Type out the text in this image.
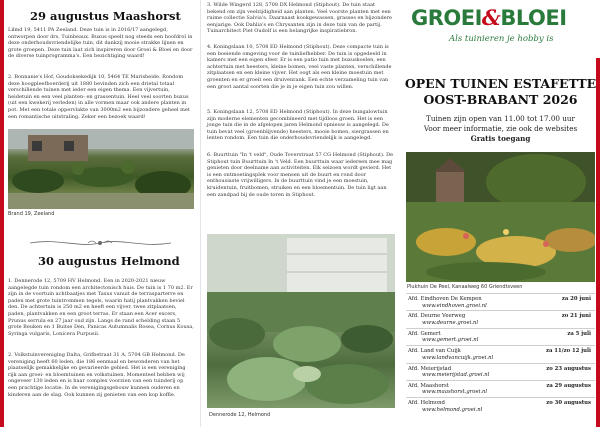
29 augustus Maashorst

Lilmd 19, 5411 PA Zeeland. Deze tuin is in 2016/17 aangelegd, ontworpen door drs. Tuinbeaux. Buxus speelt nog steeds een hoofdrol in deze onderhoudsvriendelijke tuin, dit dankzij mooie strakke lijnen en grote groepen. Deze tuin laat zich inspireren door Groei & Bloei en door de diverse tuinprogramma's. Een bezichtiging waard!

2. Bonnanie's Hof, Goudoksekedijk 10, 5464 TE Marisheide. Rondom deze hoogpleefboerderij uit 1880 bevinden zich een drietal totaal verschillende tuinen met ieder een eigen thema. Een vijvertuin, heidetuin en een veel planten- en grassentuin. Heel veel soorten buxus (uit een kwekerij verleden) in alle vormen maar ook andere planten in pot. Met een totale oppervlakte van 3000m2 een bijzondere geheel met een romantische uitstraling. Zeker een bezoek waard!

Brand 19, Zeeland
30 augustus Helmond

1. Dennerode 12, 5709 HV Helmond. Een in 2020-2021 nieuw aangelegde tuin rondom een architectonisch huis. De tuin is 1 70 m2. Er zijn in de voortuin achtbaatjes met Taxus vanuit de terrasparterre en paden met grote tuintrommen tegels, waarin hatij plantvakken beviel den. De achtertuin is 250 m2 en heeft een vijver, twee zitplaatsen, paden, plantvakken en een groot terras. Er staan een Acer excers, Prunus serrula en 27 jaar oud zijn. Langs de rand schelding staan 5 grote Beuken en 1 Buitse Den, Panicas Autumnalis Rosea, Cornus Kousa, Syringa vulgaris, Lonicera Purpusii.

2. Volkstuinvereniging Dalta, Grifbetraat 31 A, 5704 GB Helmond. De vereniging heeft 60 leden, die 186 eenmaal en bewonderen van het plaatselijk gemakkelijke en gevarieerde gebied. Het is een vereniging rijk aan groei- en bloemtuinen en volkstuinen. Momenteel hebben wij ongeveer 130 leden en is haar complex voorzien van een tuinderij op een prachtige locatie. In de verenigingsgebouw kunnen ouderen en kinderen aan de slag. Ook kunnen zij genieten van een kop koffie.

3. Wilde Wingerd 128, 5708 DX Helmond (Stiphout). De tuin staat bekend om zijn veelzijdigheid aan planten. Veel voorste planten met een ruime collectie Salvia's. Daarnaast kookgewassen, grasses en bijzondere eenjarige. Ook Dahlia's en Chrysanten zijn in deze tuin van de partij. Tuinarchitect Piet Oudolf is een belangrijke inspiratiebron.

4. Koningslaan 10, 5708 ED Helmond (Stiphout). Deze compacte tuin is een boeiende omgeving voor de tuinliefhebber. De tuin is opgedeeld in kamers met een eigen sfeer. Er is een patio tuin met buxuskoelen, een achtertuin met heesters, kleine bomen, veel vaste planten, verschillende zitplaatsen en een kleine vijver. Het oogt als een kleine moestuin met groenten en er groeit een druivenrank. Een echte verzameling tuin van een groot aantal soorten die je in je eigen tuin zou willen.

5. Koningslaan 12, 5708 ED Helmond (Stiphout). In deze bungalowtuin zijn moderne elementen gecombineerd met tijdloos groen. Het is een jonge tuin die in de afgelopen jaren Helmond opnieuw is aangelegd. De tuin bevat veel (groenblijvende) heesters, mooie bomen, siergrassen en lenten rondom. Een tuin die onderhoudsvriendelijk is aangelegd.

6. Buurttuin "In 't veld", Oude Toverstraat 57 CG Helmond (Stiphout). De Stiphout tuin Buurttuin In 't Veld. Een buurttuin waar iedereen mee mag genieten door deelname aan activiteiten. Elk seizoen wordt gevierd. Het is een ontmoetingsplek voor mensen uit de buurt en rond door enthousiaste vrijwilligers. In de buurttuin vind je een moestuin, kruidentuin, fruitbomen, struiken en een bloementuin. De tuin ligt aan een zandpad bij de oude toren in Stiphout.

Dennerode 12, Helmond
GROEI&BLOEI
Als tuinieren je hobby is
OPEN TUINEN ESTAFETTE
OOST-BRABANT 2026
Tuinen zijn open van 11.00 tot 17.00 uur
Voor meer informatie, zie ook de websites
Gratis toegang
Plukhuin De Peel, Kanaalweg 60 Griendtsveen
Afd. Eindhoven De Kempen
www.eindhoven.groei.nl
za 20 juni
Afd. Deurne Veerweg
www.deurne.groei.nl
zo 21 juni
Afd. Gemert
www.gemert.groei.nl
za 5 juli
Afd. Land van Cuijk
www.landvancuijk.groei.nl
za 11/zo 12 juli
Afd. Meierijstad
www.meierijstad.groei.nl
zo 23 augustus
Afd. Maashorst
www.maashorst.groei.nl
za 29 augustus
Afd. Helmond
www.helmond.groei.nl
zo 30 augustus
